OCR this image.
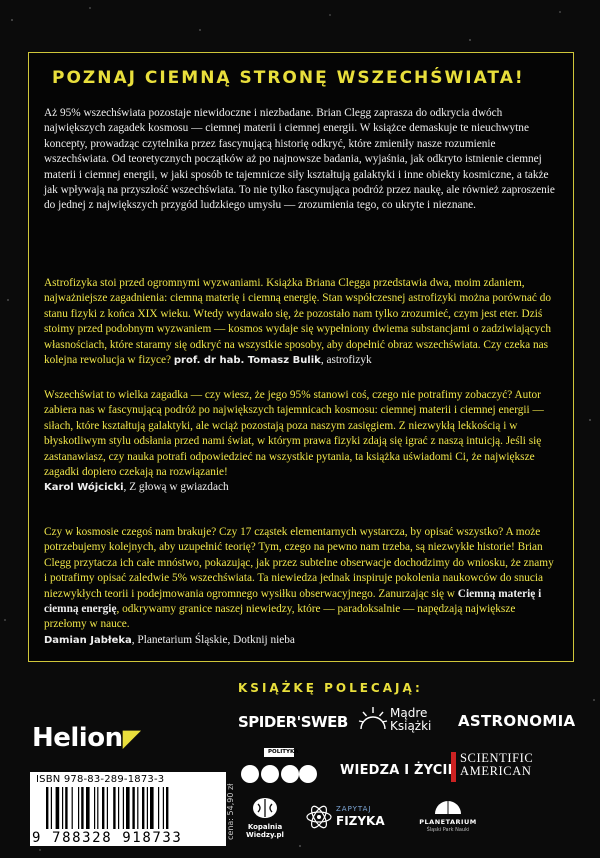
POZNAJ CIEMNĄ STRONĘ WSZECHŚWIATA!

Aż 95% wszechświata pozostaje niewidoczne i niezbadane. Brian Clegg zaprasza do odkrycia dwóch największych zagadek kosmosu — ciemnej materii i ciemnej energii. W książce demaskuje te nieuchwytne koncepty, prowadząc czytelnika przez fascynującą historię odkryć, które zmieniły nasze rozumienie wszechświata. Od teoretycznych początków aż po najnowsze badania, wyjaśnia, jak odkryto istnienie ciemnej materii i ciemnej energii, w jaki sposób te tajemnicze siły kształtują galaktyki i inne obiekty kosmiczne, a także jak wpływają na przyszłość wszechświata. To nie tylko fascynująca podróż przez naukę, ale również zaproszenie do jednej z największych przygód ludzkiego umysłu — zrozumienia tego, co ukryte i nieznane.

Astrofizyka stoi przed ogromnymi wyzwaniami. Książka Briana Clegga przedstawia dwa, moim zdaniem, najważniejsze zagadnienia: ciemną materię i ciemną energię. Stan współczesnej astrofizyki można porównać do stanu fizyki z końca XIX wieku. Wtedy wydawało się, że pozostało nam tylko zrozumieć, czym jest eter. Dziś stoimy przed podobnym wyzwaniem — kosmos wydaje się wypełniony dwiema substancjami o zadziwiających własnościach, które staramy się odkryć na wszystkie sposoby, aby dopełnić obraz wszechświata. Czy czeka nas kolejna rewolucja w fizyce? prof. dr hab. Tomasz Bulik, astrofizyk

Wszechświat to wielka zagadka — czy wiesz, że jego 95% stanowi coś, czego nie potrafimy zobaczyć? Autor zabiera nas w fascynującą podróż po największych tajemnicach kosmosu: ciemnej materii i ciemnej energii — siłach, które kształtują galaktyki, ale wciąż pozostają poza naszym zasięgiem. Z niezwykłą lekkością i w błyskotliwym stylu odsłania przed nami świat, w którym prawa fizyki zdają się igrać z naszą intuicją. Jeśli się zastanawiasz, czy nauka potrafi odpowiedzieć na wszystkie pytania, ta książka uświadomi Ci, że największe zagadki dopiero czekają na rozwiązanie!
Karol Wójcicki, Z głową w gwiazdach

Czy w kosmosie czegoś nam brakuje? Czy 17 cząstek elementarnych wystarcza, by opisać wszystko? A może potrzebujemy kolejnych, aby uzupełnić teorię? Tym, czego na pewno nam trzeba, są niezwykłe historie! Brian Clegg przytacza ich całe mnóstwo, pokazując, jak przez subtelne obserwacje dochodzimy do wniosku, że znamy i potrafimy opisać zaledwie 5% wszechświata. Ta niewiedza jednak inspiruje pokolenia naukowców do snucia niezwykłych teorii i podejmowania ogromnego wysiłku obserwacyjnego. Zanurzając się w Ciemną materię i ciemną energię, odkrywamy granice naszej niewiedzy, które — paradoksalnie — napędzają największe przełomy w nauce.
Damian Jabłeka, Planetarium Śląskie, Dotknij nieba

KSIĄŻKĘ POLECAJĄ:
SPIDER'SWEB	Mądre
Książki ASTRONOMIA
POLITYKA
WIEDZA I ŻYCIE
SCIENTIFIC
AMERICAN
Kopalnia Wiedzy.pl
ZAPYTAJ
FIZYKA	PLANETARIUM
Śląski Park Nauki
Helion◤
ISBN 978-83-289-1873-3
9 788328 918733	cena: 54,90 zł
